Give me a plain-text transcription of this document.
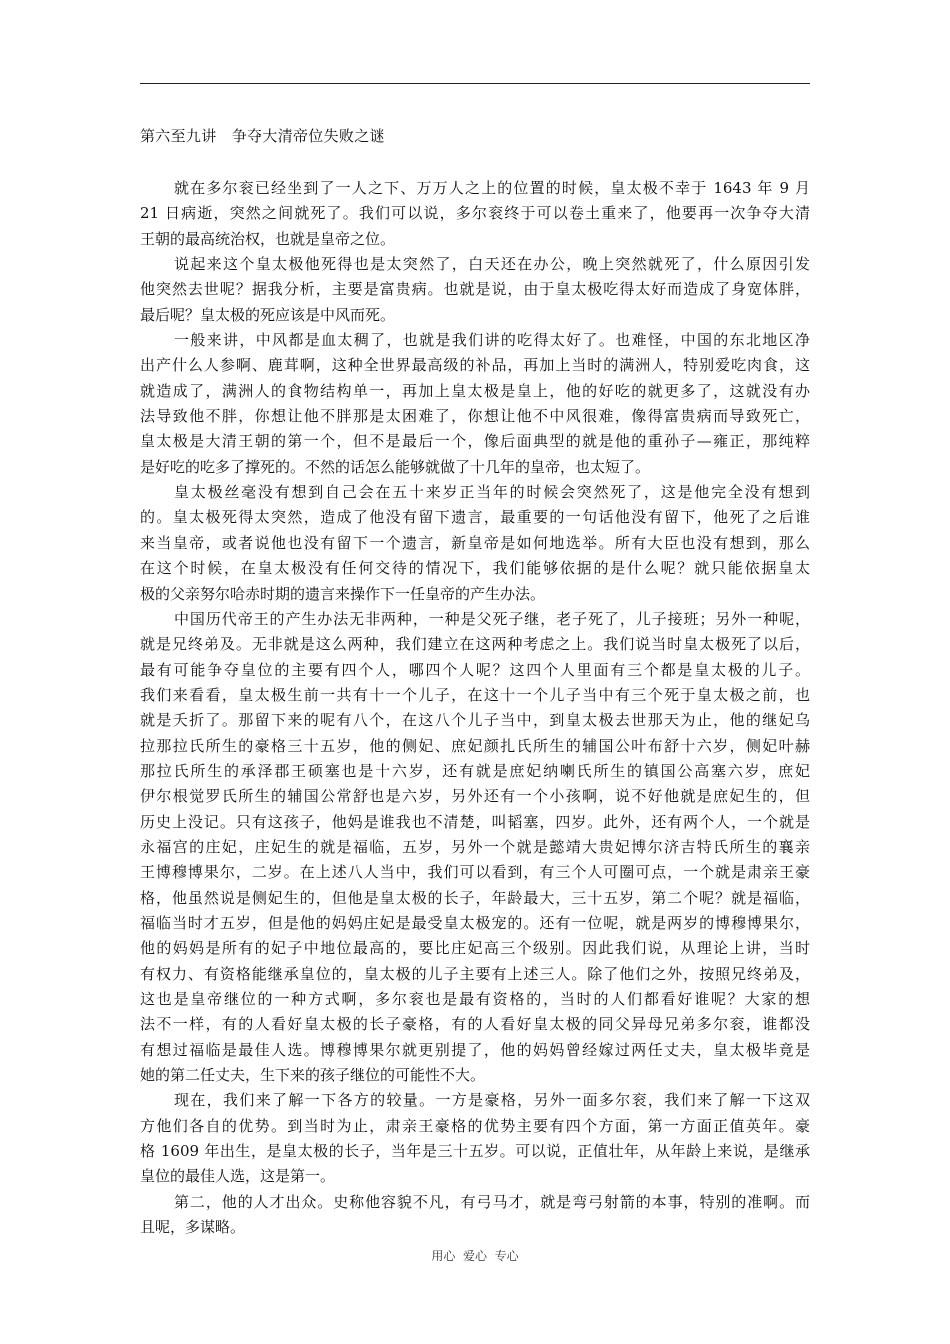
第六至九讲　争夺大清帝位失败之谜
就在多尔衮已经坐到了一人之下、万万人之上的位置的时候，皇太极不幸于 1643 年 9 月
21 日病逝，突然之间就死了。我们可以说，多尔衮终于可以卷土重来了，他要再一次争夺大清
王朝的最高统治权，也就是皇帝之位。
说起来这个皇太极他死得也是太突然了，白天还在办公，晚上突然就死了，什么原因引发
他突然去世呢？据我分析，主要是富贵病。也就是说，由于皇太极吃得太好而造成了身宽体胖，
最后呢？皇太极的死应该是中风而死。
一般来讲，中风都是血太稠了，也就是我们讲的吃得太好了。也难怪，中国的东北地区净
出产什么人参啊、鹿茸啊，这种全世界最高级的补品，再加上当时的满洲人，特别爱吃肉食，这
就造成了，满洲人的食物结构单一，再加上皇太极是皇上，他的好吃的就更多了，这就没有办
法导致他不胖，你想让他不胖那是太困难了，你想让他不中风很难，像得富贵病而导致死亡，
皇太极是大清王朝的第一个，但不是最后一个，像后面典型的就是他的重孙子—雍正，那纯粹
是好吃的吃多了撑死的。不然的话怎么能够就做了十几年的皇帝，也太短了。
皇太极丝毫没有想到自己会在五十来岁正当年的时候会突然死了，这是他完全没有想到
的。皇太极死得太突然，造成了他没有留下遗言，最重要的一句话他没有留下，他死了之后谁
来当皇帝，或者说他也没有留下一个遗言，新皇帝是如何地选举。所有大臣也没有想到，那么
在这个时候，在皇太极没有任何交待的情况下，我们能够依据的是什么呢？就只能依据皇太
极的父亲努尔哈赤时期的遗言来操作下一任皇帝的产生办法。
中国历代帝王的产生办法无非两种，一种是父死子继，老子死了，儿子接班；另外一种呢，
就是兄终弟及。无非就是这么两种，我们建立在这两种考虑之上。我们说当时皇太极死了以后，
最有可能争夺皇位的主要有四个人，哪四个人呢？这四个人里面有三个都是皇太极的儿子。
我们来看看，皇太极生前一共有十一个儿子，在这十一个儿子当中有三个死于皇太极之前，也
就是夭折了。那留下来的呢有八个，在这八个儿子当中，到皇太极去世那天为止，他的继妃乌
拉那拉氏所生的豪格三十五岁，他的侧妃、庶妃颜扎氏所生的辅国公叶布舒十六岁，侧妃叶赫
那拉氏所生的承泽郡王硕塞也是十六岁，还有就是庶妃纳喇氏所生的镇国公高塞六岁，庶妃
伊尔根觉罗氏所生的辅国公常舒也是六岁，另外还有一个小孩啊，说不好他就是庶妃生的，但
历史上没记。只有这孩子，他妈是谁我也不清楚，叫韬塞，四岁。此外，还有两个人，一个就是
永福宫的庄妃，庄妃生的就是福临，五岁，另外一个就是懿靖大贵妃博尔济吉特氏所生的襄亲
王博穆博果尔，二岁。在上述八人当中，我们可以看到，有三个人可圈可点，一个就是肃亲王豪
格，他虽然说是侧妃生的，但他是皇太极的长子，年龄最大，三十五岁，第二个呢？就是福临，
福临当时才五岁，但是他的妈妈庄妃是最受皇太极宠的。还有一位呢，就是两岁的博穆博果尔，
他的妈妈是所有的妃子中地位最高的，要比庄妃高三个级别。因此我们说，从理论上讲，当时
有权力、有资格能继承皇位的，皇太极的儿子主要有上述三人。除了他们之外，按照兄终弟及，
这也是皇帝继位的一种方式啊，多尔衮也是最有资格的，当时的人们都看好谁呢？大家的想
法不一样，有的人看好皇太极的长子豪格，有的人看好皇太极的同父异母兄弟多尔衮，谁都没
有想过福临是最佳人选。博穆博果尔就更别提了，他的妈妈曾经嫁过两任丈夫，皇太极毕竟是
她的第二任丈夫，生下来的孩子继位的可能性不大。
现在，我们来了解一下各方的较量。一方是豪格，另外一面多尔衮，我们来了解一下这双
方他们各自的优势。到当时为止，肃亲王豪格的优势主要有四个方面，第一方面正值英年。豪
格 1609 年出生，是皇太极的长子，当年是三十五岁。可以说，正值壮年，从年龄上来说，是继承
皇位的最佳人选，这是第一。
第二，他的人才出众。史称他容貌不凡，有弓马才，就是弯弓射箭的本事，特别的准啊。而
且呢，多谋略。
用心  爱心  专心
